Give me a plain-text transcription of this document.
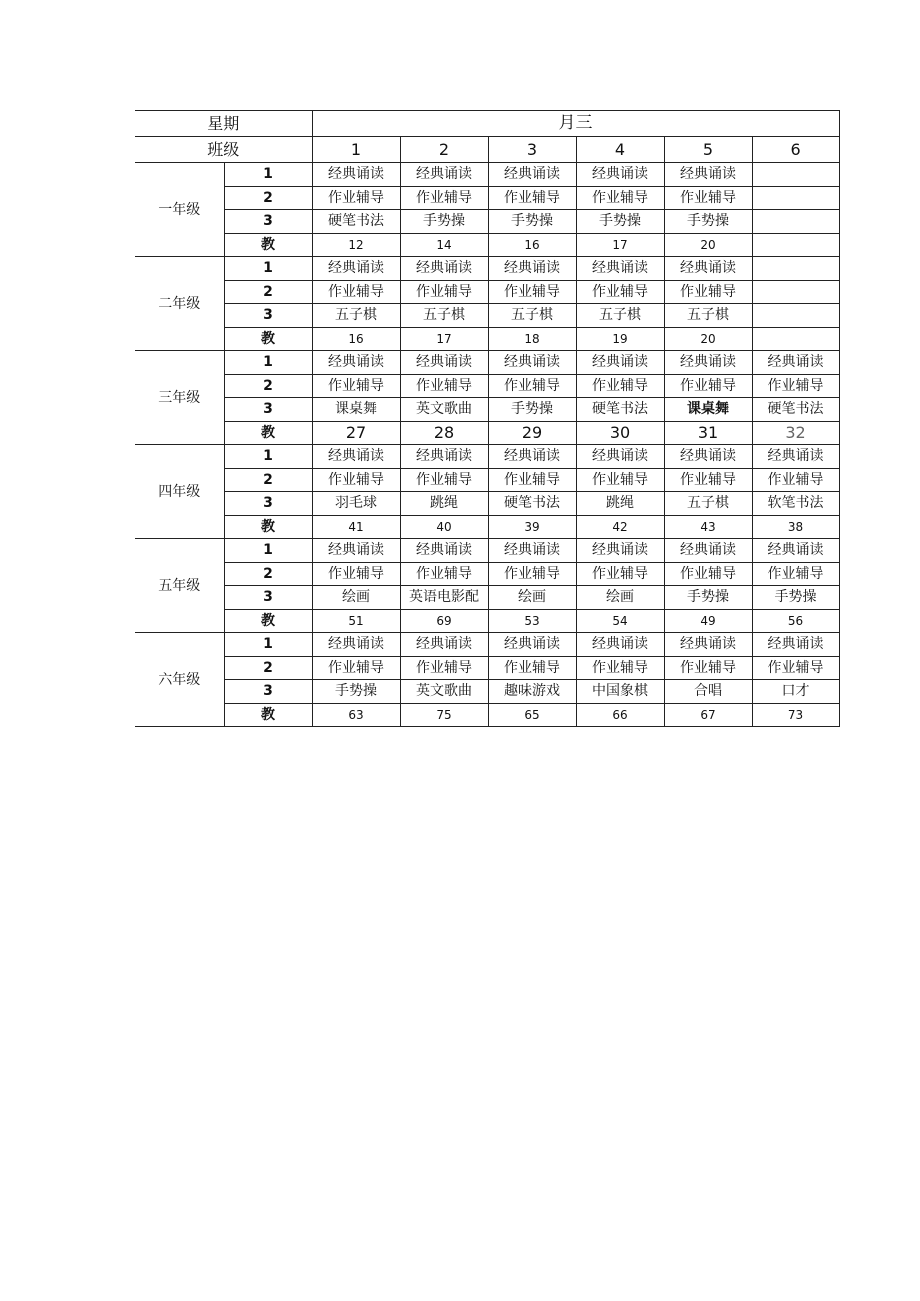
星期		月三					
班级		1	2	3	4	5	6
一年级	1	经典诵读	经典诵读	经典诵读	经典诵读	经典诵读	
	2	作业辅导	作业辅导	作业辅导	作业辅导	作业辅导	
	3	硬笔书法	手势操	手势操	手势操	手势操	
	教	12	14	16	17	20	
二年级	1	经典诵读	经典诵读	经典诵读	经典诵读	经典诵读	
	2	作业辅导	作业辅导	作业辅导	作业辅导	作业辅导	
	3	五子棋	五子棋	五子棋	五子棋	五子棋	
	教	16	17	18	19	20	
三年级	1	经典诵读	经典诵读	经典诵读	经典诵读	经典诵读	经典诵读
	2	作业辅导	作业辅导	作业辅导	作业辅导	作业辅导	作业辅导
	3	课桌舞	英文歌曲	手势操	硬笔书法	课桌舞	硬笔书法
	教	27	28	29	30	31	32
四年级	1	经典诵读	经典诵读	经典诵读	经典诵读	经典诵读	经典诵读
	2	作业辅导	作业辅导	作业辅导	作业辅导	作业辅导	作业辅导
	3	羽毛球	跳绳	硬笔书法	跳绳	五子棋	软笔书法
	教	41	40	39	42	43	38
五年级	1	经典诵读	经典诵读	经典诵读	经典诵读	经典诵读	经典诵读
	2	作业辅导	作业辅导	作业辅导	作业辅导	作业辅导	作业辅导
	3	绘画	英语电影配	绘画	绘画	手势操	手势操
	教	51	69	53	54	49	56
六年级	1	经典诵读	经典诵读	经典诵读	经典诵读	经典诵读	经典诵读
	2	作业辅导	作业辅导	作业辅导	作业辅导	作业辅导	作业辅导
	3	手势操	英文歌曲	趣味游戏	中国象棋	合唱	口才
	教	63	75	65	66	67	73
